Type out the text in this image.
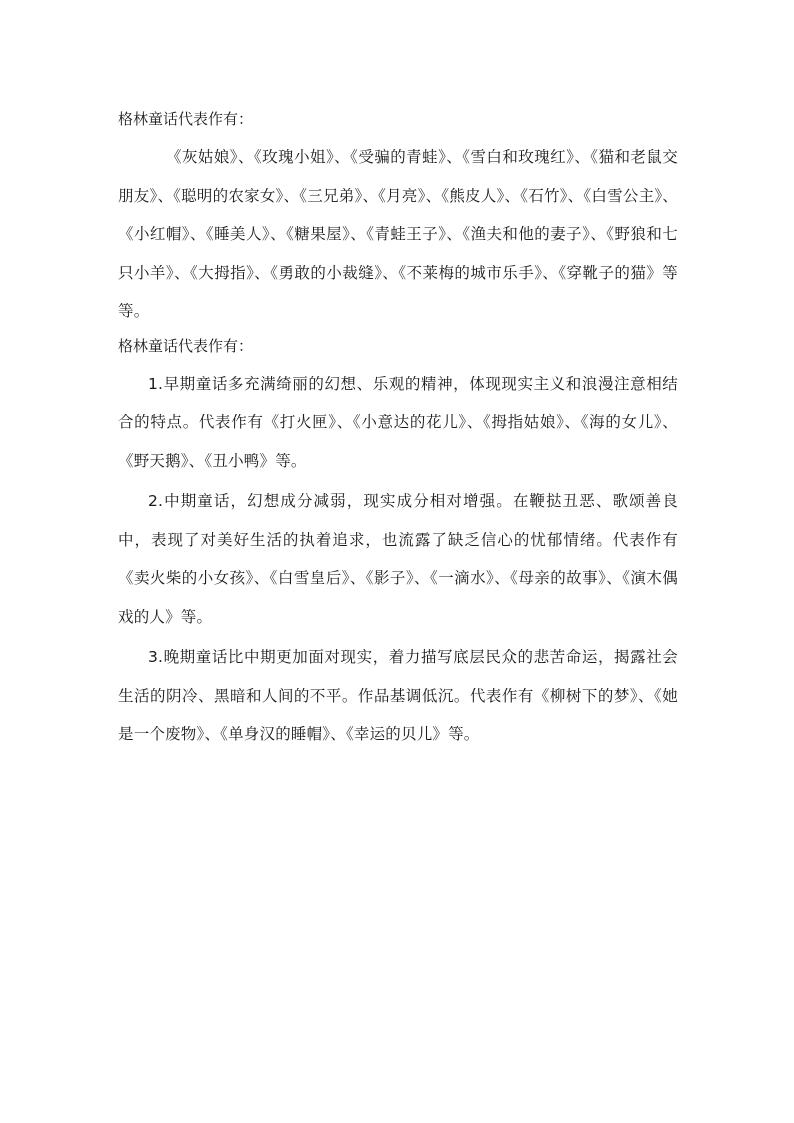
格林童话代表作有：

《灰姑娘》、《玫瑰小姐》、《受骗的青蛙》、《雪白和玫瑰红》、《猫和老鼠交朋友》、《聪明的农家女》、《三兄弟》、《月亮》、《熊皮人》、《石竹》、《白雪公主》、《小红帽》、《睡美人》、《糖果屋》、《青蛙王子》、《渔夫和他的妻子》、《野狼和七只小羊》、《大拇指》、《勇敢的小裁缝》、《不莱梅的城市乐手》、《穿靴子的猫》等等。

格林童话代表作有：

1.早期童话多充满绮丽的幻想、乐观的精神，体现现实主义和浪漫注意相结合的特点。代表作有《打火匣》、《小意达的花儿》、《拇指姑娘》、《海的女儿》、《野天鹅》、《丑小鸭》等。

2.中期童话，幻想成分减弱，现实成分相对增强。在鞭挞丑恶、歌颂善良中，表现了对美好生活的执着追求，也流露了缺乏信心的忧郁情绪。代表作有《卖火柴的小女孩》、《白雪皇后》、《影子》、《一滴水》、《母亲的故事》、《演木偶戏的人》等。

3.晚期童话比中期更加面对现实，着力描写底层民众的悲苦命运，揭露社会生活的阴冷、黑暗和人间的不平。作品基调低沉。代表作有《柳树下的梦》、《她是一个废物》、《单身汉的睡帽》、《幸运的贝儿》等。
